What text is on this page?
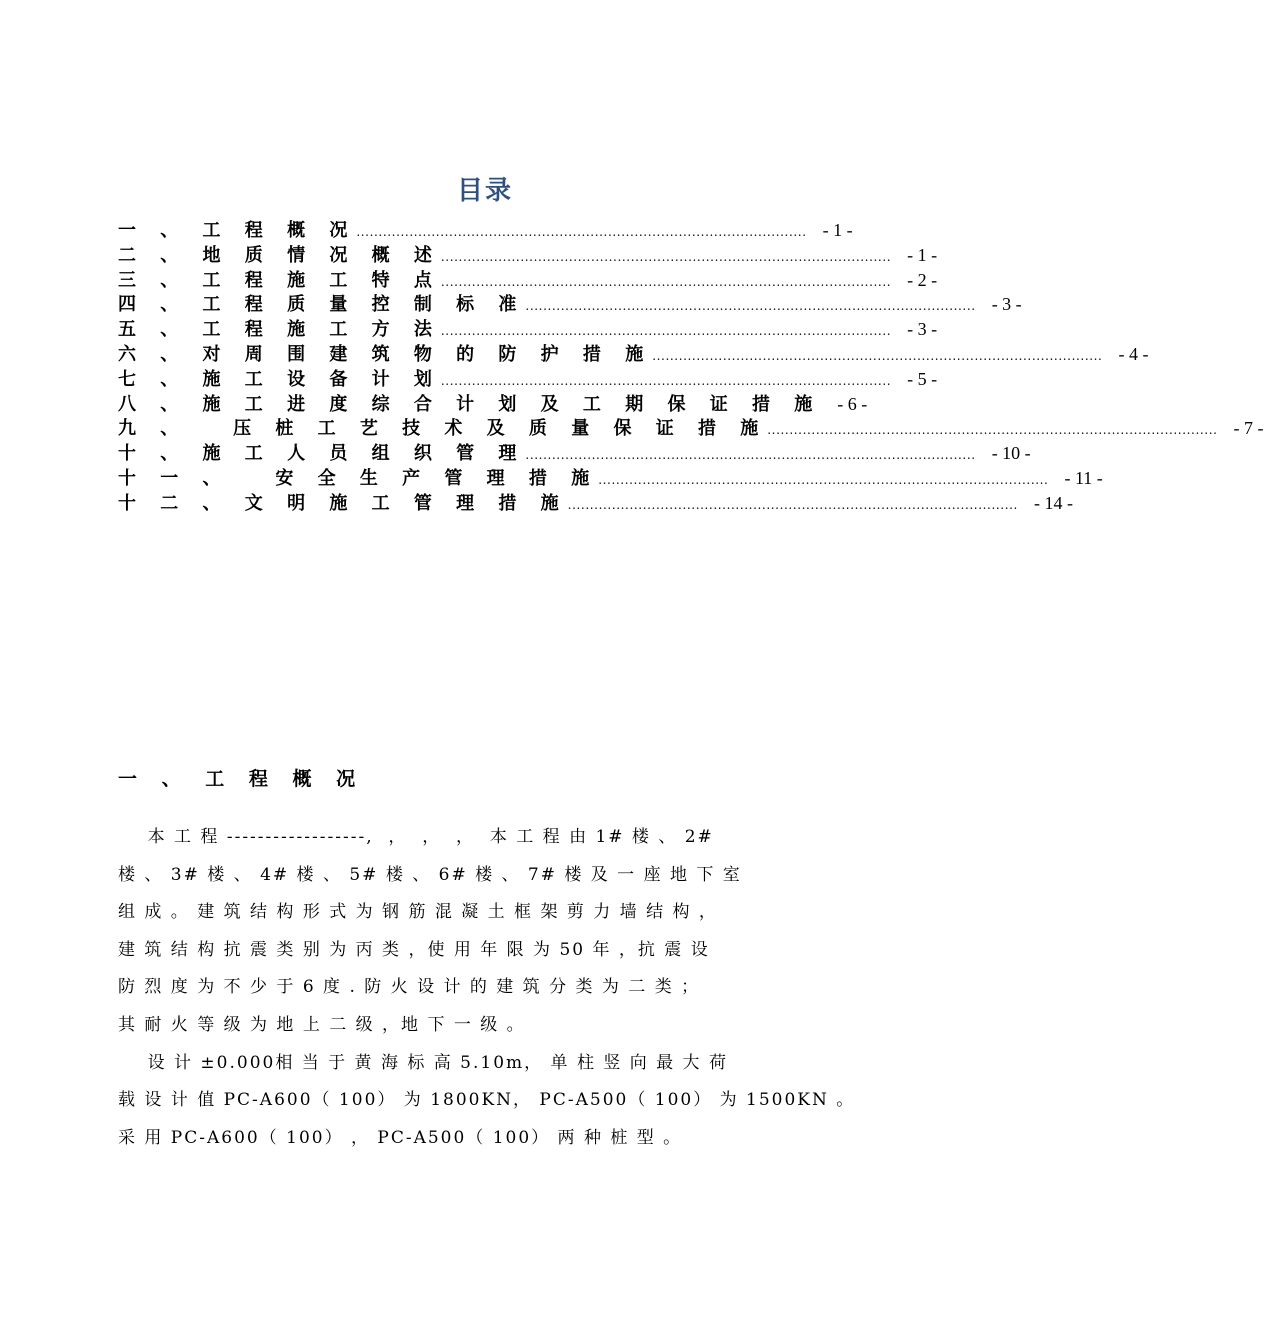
目录
一 、 工 程 概 况 ...................................................................................................... - 1 -
二 、 地 质 情 况 概 述 ...................................................................................................... - 1 -
三 、 工 程 施 工 特 点 ...................................................................................................... - 2 -
四 、 工 程 质 量 控 制 标 准 ...................................................................................................... - 3 -
五 、 工 程 施 工 方 法 ...................................................................................................... - 3 -
六 、 对 周 围 建 筑 物 的 防 护 措 施 ...................................................................................................... - 4 -
七 、 施 工 设 备 计 划 ...................................................................................................... - 5 -
八 、 施 工 进 度 综 合 计 划 及 工 期 保 证 措 施 - 6 -
九 、   压 桩 工 艺 技 术 及 质 量 保 证 措 施 ...................................................................................................... - 7 -
十 、 施 工 人 员 组 织 管 理 ...................................................................................................... - 10 -
十 一 、   安 全 生 产 管 理 措 施 ...................................................................................................... - 11 -
十 二 、 文 明 施 工 管 理 措 施 ...................................................................................................... - 14 -
一 、 工 程 概 况
本 工 程 ------------------,  ，  ，  ，  本 工 程 由 1# 楼 、 2#
楼 、 3# 楼 、 4# 楼 、 5# 楼 、 6# 楼 、 7# 楼 及 一 座 地 下 室
组 成 。 建 筑 结 构 形 式 为 钢 筋 混 凝 土 框 架 剪 力 墙 结 构 ，
建 筑 结 构 抗 震 类 别 为 丙 类 ，使 用 年 限 为 50 年 ，抗 震 设
防 烈 度 为 不 少 于 6 度 . 防 火 设 计 的 建 筑 分 类 为 二 类 ；
其 耐 火 等 级 为 地 上 二 级 ，地 下 一 级 。
设 计 ±0.000相 当 于 黄 海 标 高 5.10m， 单 柱 竖 向 最 大 荷
载 设 计 值 PC-A600（ 100） 为 1800KN， PC-A500（ 100） 为 1500KN 。
采 用 PC-A600（ 100） ， PC-A500（ 100） 两 种 桩 型 。
